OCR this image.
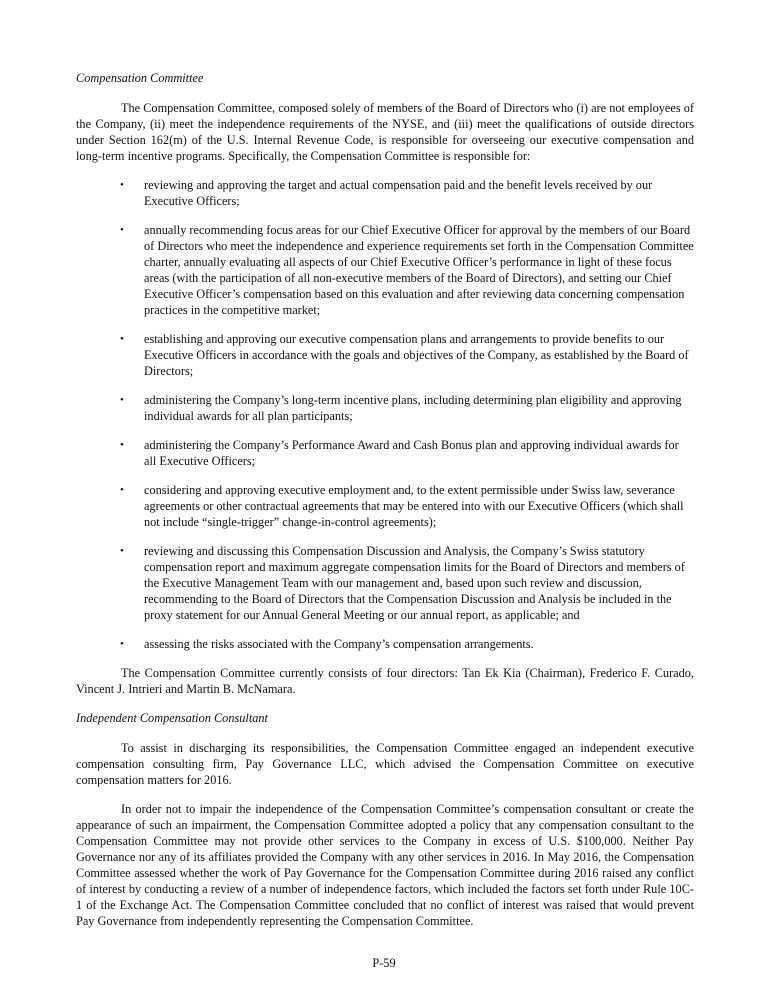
Compensation Committee

The Compensation Committee, composed solely of members of the Board of Directors who (i) are not employees of the Company, (ii) meet the independence requirements of the NYSE, and (iii) meet the qualifications of outside directors under Section 162(m) of the U.S. Internal Revenue Code, is responsible for overseeing our executive compensation and long-term incentive programs. Specifically, the Compensation Committee is responsible for:

• reviewing and approving the target and actual compensation paid and the benefit levels received by our Executive Officers;
• annually recommending focus areas for our Chief Executive Officer for approval by the members of our Board of Directors who meet the independence and experience requirements set forth in the Compensation Committee charter, annually evaluating all aspects of our Chief Executive Officer’s performance in light of these focus areas (with the participation of all non-executive members of the Board of Directors), and setting our Chief Executive Officer’s compensation based on this evaluation and after reviewing data concerning compensation practices in the competitive market;
• establishing and approving our executive compensation plans and arrangements to provide benefits to our Executive Officers in accordance with the goals and objectives of the Company, as established by the Board of Directors;
• administering the Company’s long-term incentive plans, including determining plan eligibility and approving individual awards for all plan participants;
• administering the Company’s Performance Award and Cash Bonus plan and approving individual awards for all Executive Officers;
• considering and approving executive employment and, to the extent permissible under Swiss law, severance agreements or other contractual agreements that may be entered into with our Executive Officers (which shall not include “single-trigger” change-in-control agreements);
• reviewing and discussing this Compensation Discussion and Analysis, the Company’s Swiss statutory compensation report and maximum aggregate compensation limits for the Board of Directors and members of the Executive Management Team with our management and, based upon such review and discussion, recommending to the Board of Directors that the Compensation Discussion and Analysis be included in the proxy statement for our Annual General Meeting or our annual report, as applicable; and
• assessing the risks associated with the Company’s compensation arrangements.

The Compensation Committee currently consists of four directors: Tan Ek Kia (Chairman), Frederico F. Curado, Vincent J. Intrieri and Martin B. McNamara.

Independent Compensation Consultant

To assist in discharging its responsibilities, the Compensation Committee engaged an independent executive compensation consulting firm, Pay Governance LLC, which advised the Compensation Committee on executive compensation matters for 2016.

In order not to impair the independence of the Compensation Committee’s compensation consultant or create the appearance of such an impairment, the Compensation Committee adopted a policy that any compensation consultant to the Compensation Committee may not provide other services to the Company in excess of U.S. $100,000. Neither Pay Governance nor any of its affiliates provided the Company with any other services in 2016. In May 2016, the Compensation Committee assessed whether the work of Pay Governance for the Compensation Committee during 2016 raised any conflict of interest by conducting a review of a number of independence factors, which included the factors set forth under Rule 10C-1 of the Exchange Act. The Compensation Committee concluded that no conflict of interest was raised that would prevent Pay Governance from independently representing the Compensation Committee.

P-59
